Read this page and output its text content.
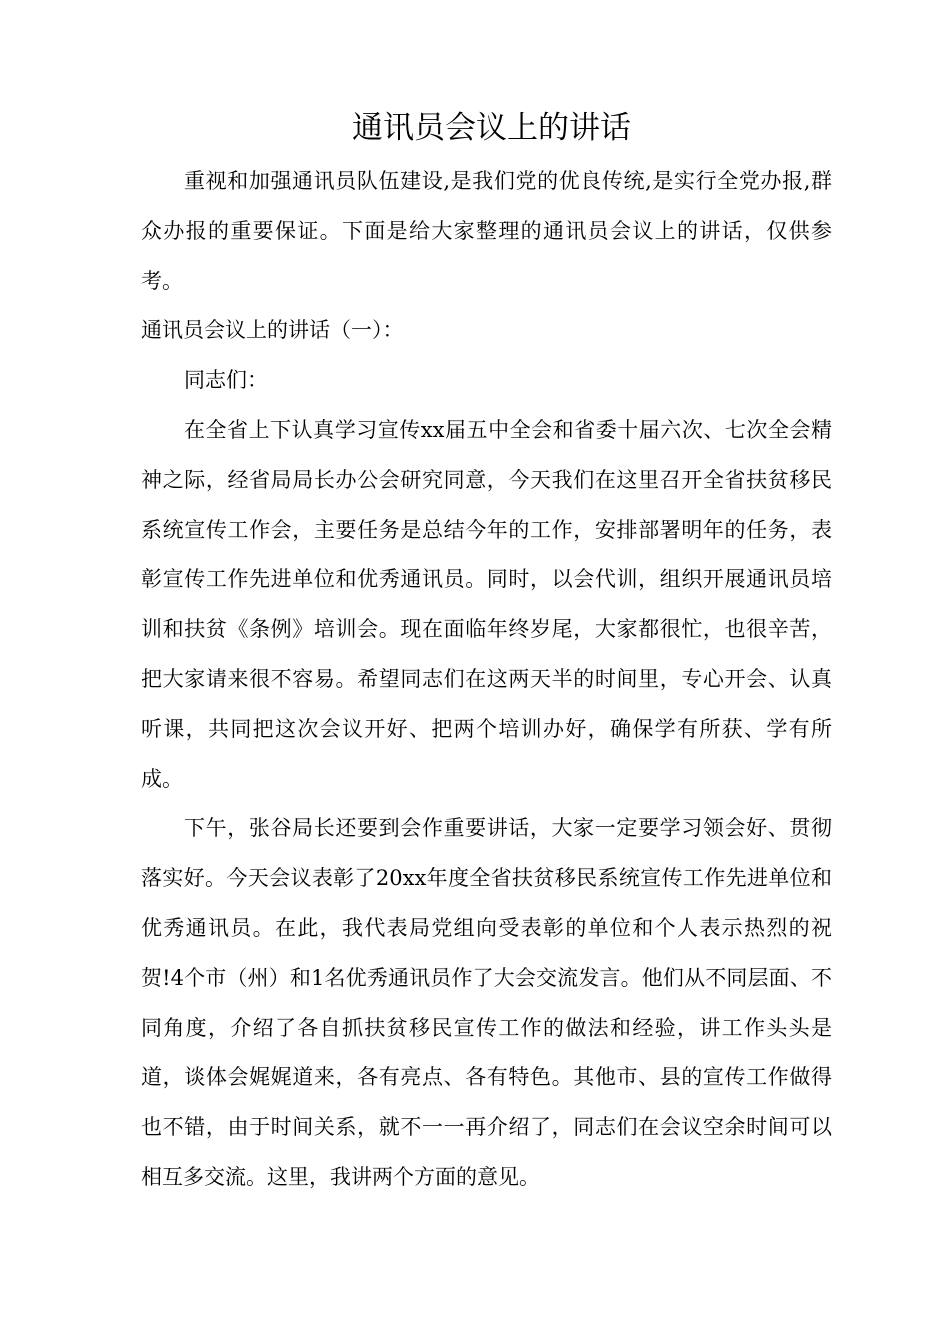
通讯员会议上的讲话

重视和加强通讯员队伍建设,是我们党的优良传统,是实行全党办报,群众办报的重要保证。下面是给大家整理的通讯员会议上的讲话，仅供参考。

通讯员会议上的讲话（一）：

同志们：

在全省上下认真学习宣传xx届五中全会和省委十届六次、七次全会精神之际，经省局局长办公会研究同意，今天我们在这里召开全省扶贫移民系统宣传工作会，主要任务是总结今年的工作，安排部署明年的任务，表彰宣传工作先进单位和优秀通讯员。同时，以会代训，组织开展通讯员培训和扶贫《条例》培训会。现在面临年终岁尾，大家都很忙，也很辛苦，把大家请来很不容易。希望同志们在这两天半的时间里，专心开会、认真听课，共同把这次会议开好、把两个培训办好，确保学有所获、学有所成。

下午，张谷局长还要到会作重要讲话，大家一定要学习领会好、贯彻落实好。今天会议表彰了20xx年度全省扶贫移民系统宣传工作先进单位和优秀通讯员。在此，我代表局党组向受表彰的单位和个人表示热烈的祝贺!4个市（州）和1名优秀通讯员作了大会交流发言。他们从不同层面、不同角度，介绍了各自抓扶贫移民宣传工作的做法和经验，讲工作头头是道，谈体会娓娓道来，各有亮点、各有特色。其他市、县的宣传工作做得也不错，由于时间关系，就不一一再介绍了，同志们在会议空余时间可以相互多交流。这里，我讲两个方面的意见。
